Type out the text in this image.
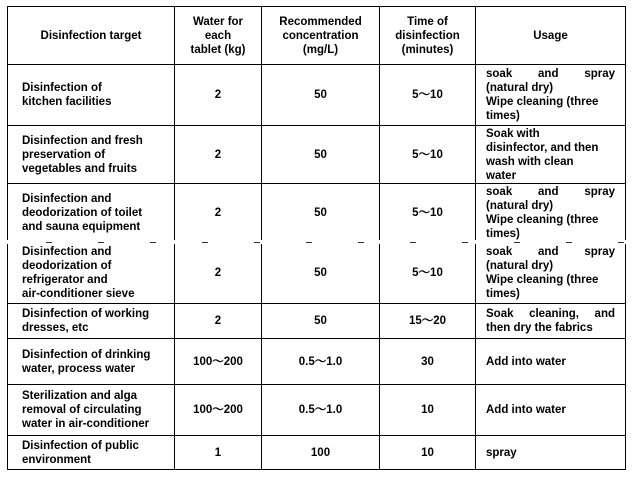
Disinfection target	Water for
each
tablet (kg)	Recommended
concentration
(mg/L)	Time of
disinfection
(minutes)	Usage

Disinfection of
kitchen facilities	2	50	5～10	soak and spray
(natural dry)
Wipe cleaning (three
times)

Disinfection and fresh
preservation of
vegetables and fruits	2	50	5～10	Soak with
disinfector, and then
wash with clean
water

Disinfection and
deodorization of toilet
and sauna equipment	2	50	5～10	soak and spray
(natural dry)
Wipe cleaning (three
times)

Disinfection and
deodorization of
refrigerator and
air-conditioner sieve	2	50	5～10	soak and spray
(natural dry)
Wipe cleaning (three
times)

Disinfection of working
dresses, etc	2	50	15～20	Soak cleaning, and
then dry the fabrics

Disinfection of drinking
water, process water	100～200	0.5～1.0	30	Add into water

Sterilization and alga
removal of circulating
water in air-conditioner	100～200	0.5～1.0	10	Add into water

Disinfection of public
environment	1	100	10	spray
